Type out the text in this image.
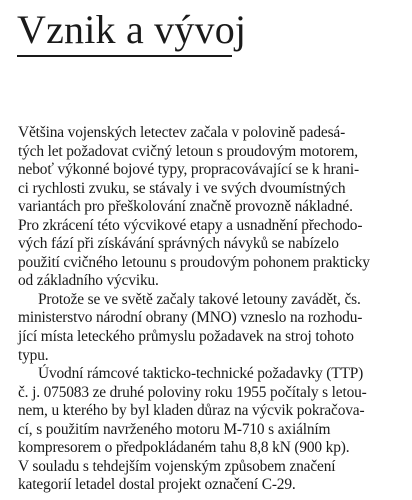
Vznik a vývoj

Většina vojenských letectev začala v polovině padesá-
tých let požadovat cvičný letoun s proudovým motorem,
neboť výkonné bojové typy, propracovávající se k hrani-
ci rychlosti zvuku, se stávaly i ve svých dvoumístných
variantách pro přeškolování značně provozně nákladné.
Pro zkrácení této výcvikové etapy a usnadnění přechodo-
vých fází při získávání správných návyků se nabízelo
použití cvičného letounu s proudovým pohonem prakticky
od základního výcviku.

Protože se ve světě začaly takové letouny zavádět, čs.
ministerstvo národní obrany (MNO) vzneslo na rozhodu-
jící místa leteckého průmyslu požadavek na stroj tohoto
typu.

Úvodní rámcové takticko-technické požadavky (TTP)
č. j. 075083 ze druhé poloviny roku 1955 počítaly s letou-
nem, u kterého by byl kladen důraz na výcvik pokračova-
cí, s použitím navrženého motoru M-710 s axiálním
kompresorem o předpokládaném tahu 8,8 kN (900 kp).
V souladu s tehdejším vojenským způsobem značení
kategorií letadel dostal projekt označení C-29.
